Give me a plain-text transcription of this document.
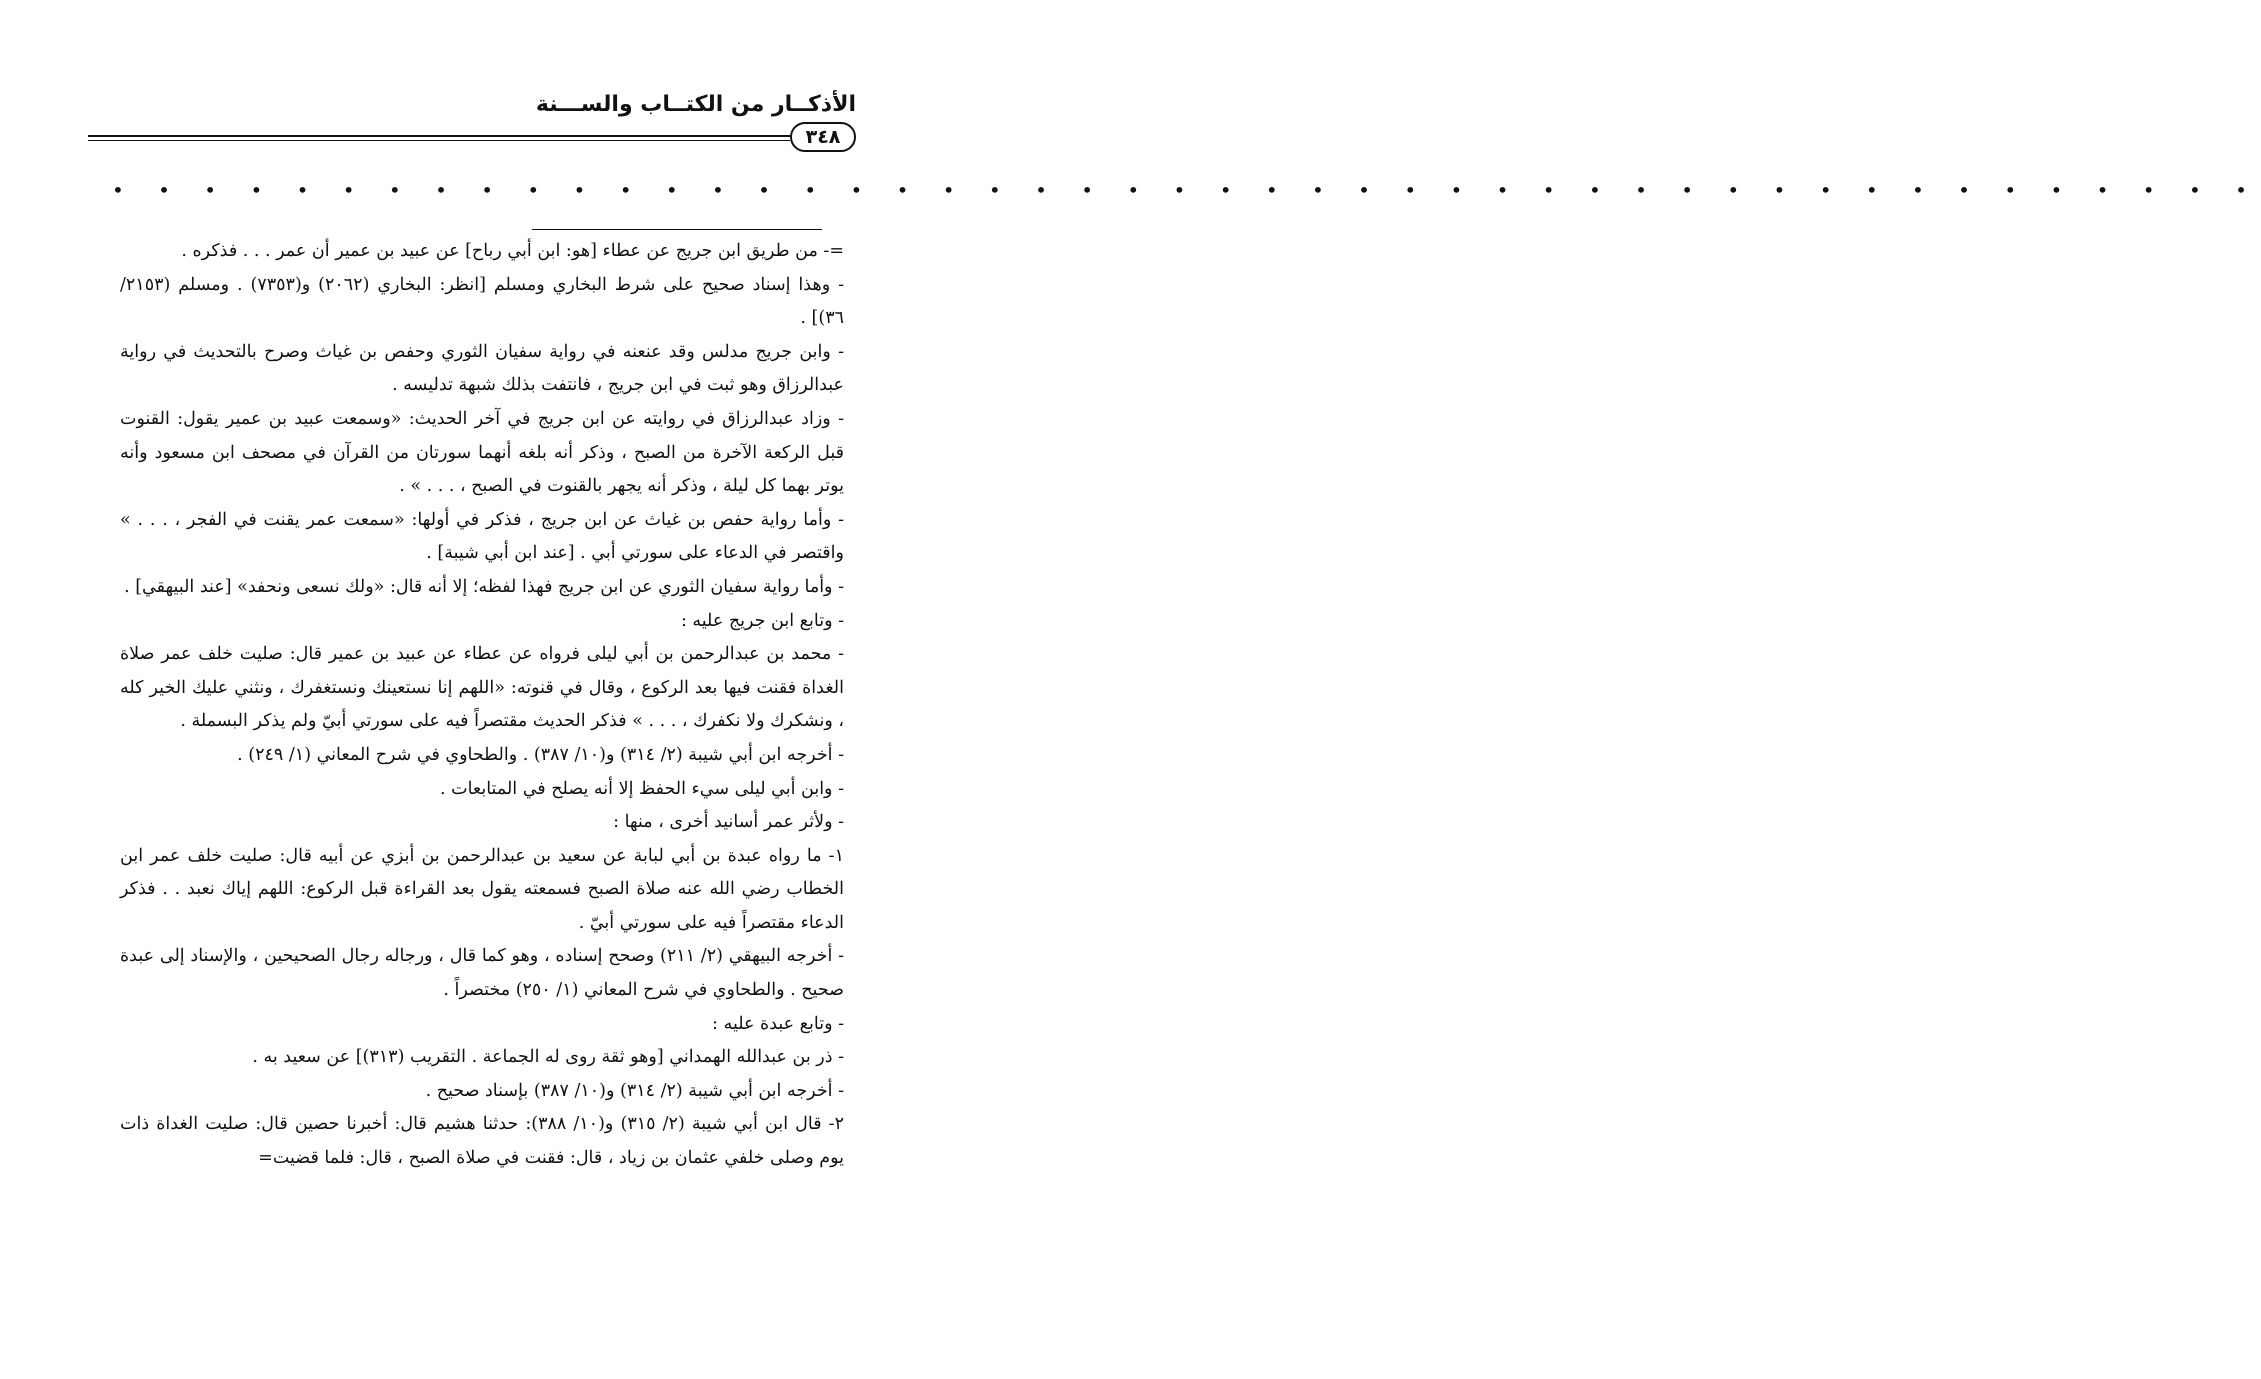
الأذكــار من الكتــاب والســـنة
٣٤٨
• • • • • • • • • • • • • • • • • • • • • • • • • • • • • • • • • • • • • • • • • • • • • • •

=- من طريق ابن جريج عن عطاء [هو: ابن أبي رباح] عن عبيد بن عمير أن عمر . . . فذكره .

- وهذا إسناد صحيح على شرط البخاري ومسلم [انظر: البخاري (٢٠٦٢) و(٧٣٥٣) . ومسلم (٢١٥٣/ ٣٦)] .

- وابن جريج مدلس وقد عنعنه في رواية سفيان الثوري وحفص بن غياث وصرح بالتحديث في رواية عبدالرزاق وهو ثبت في ابن جريج ، فانتفت بذلك شبهة تدليسه .

- وزاد عبدالرزاق في روايته عن ابن جريج في آخر الحديث: «وسمعت عبيد بن عمير يقول: القنوت قبل الركعة الآخرة من الصبح ، وذكر أنه بلغه أنهما سورتان من القرآن في مصحف ابن مسعود وأنه يوتر بهما كل ليلة ، وذكر أنه يجهر بالقنوت في الصبح ، . . . » .

- وأما رواية حفص بن غياث عن ابن جريج ، فذكر في أولها: «سمعت عمر يقنت في الفجر ، . . . » واقتصر في الدعاء على سورتي أبي . [عند ابن أبي شيبة] .

- وأما رواية سفيان الثوري عن ابن جريج فهذا لفظه؛ إلا أنه قال: «ولك نسعى ونحفد» [عند البيهقي] .

- وتابع ابن جريج عليه :

- محمد بن عبدالرحمن بن أبي ليلى فرواه عن عطاء عن عبيد بن عمير قال: صليت خلف عمر صلاة الغداة فقنت فيها بعد الركوع ، وقال في قنوته: «اللهم إنا نستعينك ونستغفرك ، ونثني عليك الخير كله ، ونشكرك ولا نكفرك ، . . . » فذكر الحديث مقتصراً فيه على سورتي أبيّ ولم يذكر البسملة .

- أخرجه ابن أبي شيبة (٢/ ٣١٤) و(١٠/ ٣٨٧) . والطحاوي في شرح المعاني (١/ ٢٤٩) .

- وابن أبي ليلى سيء الحفظ إلا أنه يصلح في المتابعات .

- ولأثر عمر أسانيد أخرى ، منها :

١- ما رواه عبدة بن أبي لبابة عن سعيد بن عبدالرحمن بن أبزي عن أبيه قال: صليت خلف عمر ابن الخطاب رضي الله عنه صلاة الصبح فسمعته يقول بعد القراءة قبل الركوع: اللهم إياك نعبد . . فذكر الدعاء مقتصراً فيه على سورتي أبيّ .

- أخرجه البيهقي (٢/ ٢١١) وصحح إسناده ، وهو كما قال ، ورجاله رجال الصحيحين ، والإسناد إلى عبدة صحيح . والطحاوي في شرح المعاني (١/ ٢٥٠) مختصراً .

- وتابع عبدة عليه :

- ذر بن عبدالله الهمداني [وهو ثقة روى له الجماعة . التقريب (٣١٣)] عن سعيد به .

- أخرجه ابن أبي شيبة (٢/ ٣١٤) و(١٠/ ٣٨٧) بإسناد صحيح .

٢- قال ابن أبي شيبة (٢/ ٣١٥) و(١٠/ ٣٨٨): حدثنا هشيم قال: أخبرنا حصين قال: صليت الغداة ذات يوم وصلى خلفي عثمان بن زياد ، قال: فقنت في صلاة الصبح ، قال: فلما قضيت=
